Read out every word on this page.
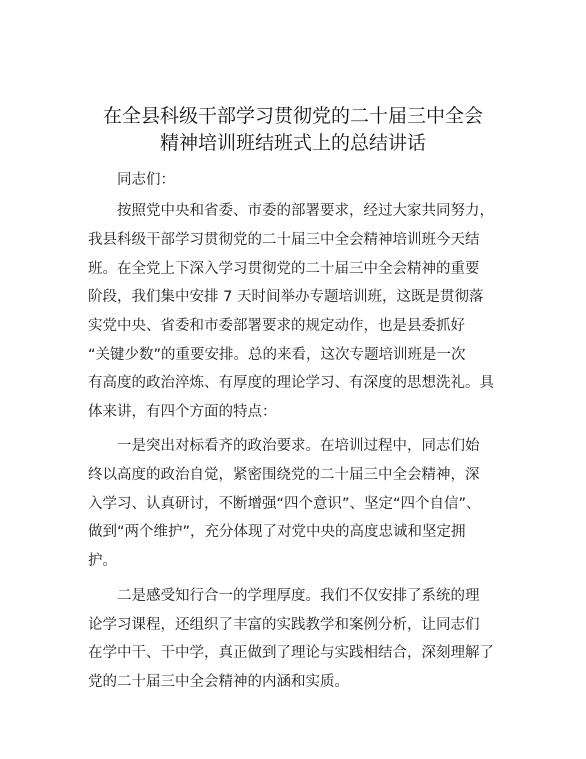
在全县科级干部学习贯彻党的二十届三中全会
精神培训班结班式上的总结讲话
同志们：
按照党中央和省委、市委的部署要求，经过大家共同努力，
我县科级干部学习贯彻党的二十届三中全会精神培训班今天结
班。在全党上下深入学习贯彻党的二十届三中全会精神的重要
阶段，我们集中安排 7 天时间举办专题培训班，这既是贯彻落
实党中央、省委和市委部署要求的规定动作，也是县委抓好
“关键少数”的重要安排。总的来看，这次专题培训班是一次
有高度的政治淬炼、有厚度的理论学习、有深度的思想洗礼。具
体来讲，有四个方面的特点：
一是突出对标看齐的政治要求。在培训过程中，同志们始
终以高度的政治自觉，紧密围绕党的二十届三中全会精神，深
入学习、认真研讨，不断增强“四个意识”、坚定“四个自信”、
做到“两个维护”，充分体现了对党中央的高度忠诚和坚定拥
护。
二是感受知行合一的学理厚度。我们不仅安排了系统的理
论学习课程，还组织了丰富的实践教学和案例分析，让同志们
在学中干、干中学，真正做到了理论与实践相结合，深刻理解了
党的二十届三中全会精神的内涵和实质。
